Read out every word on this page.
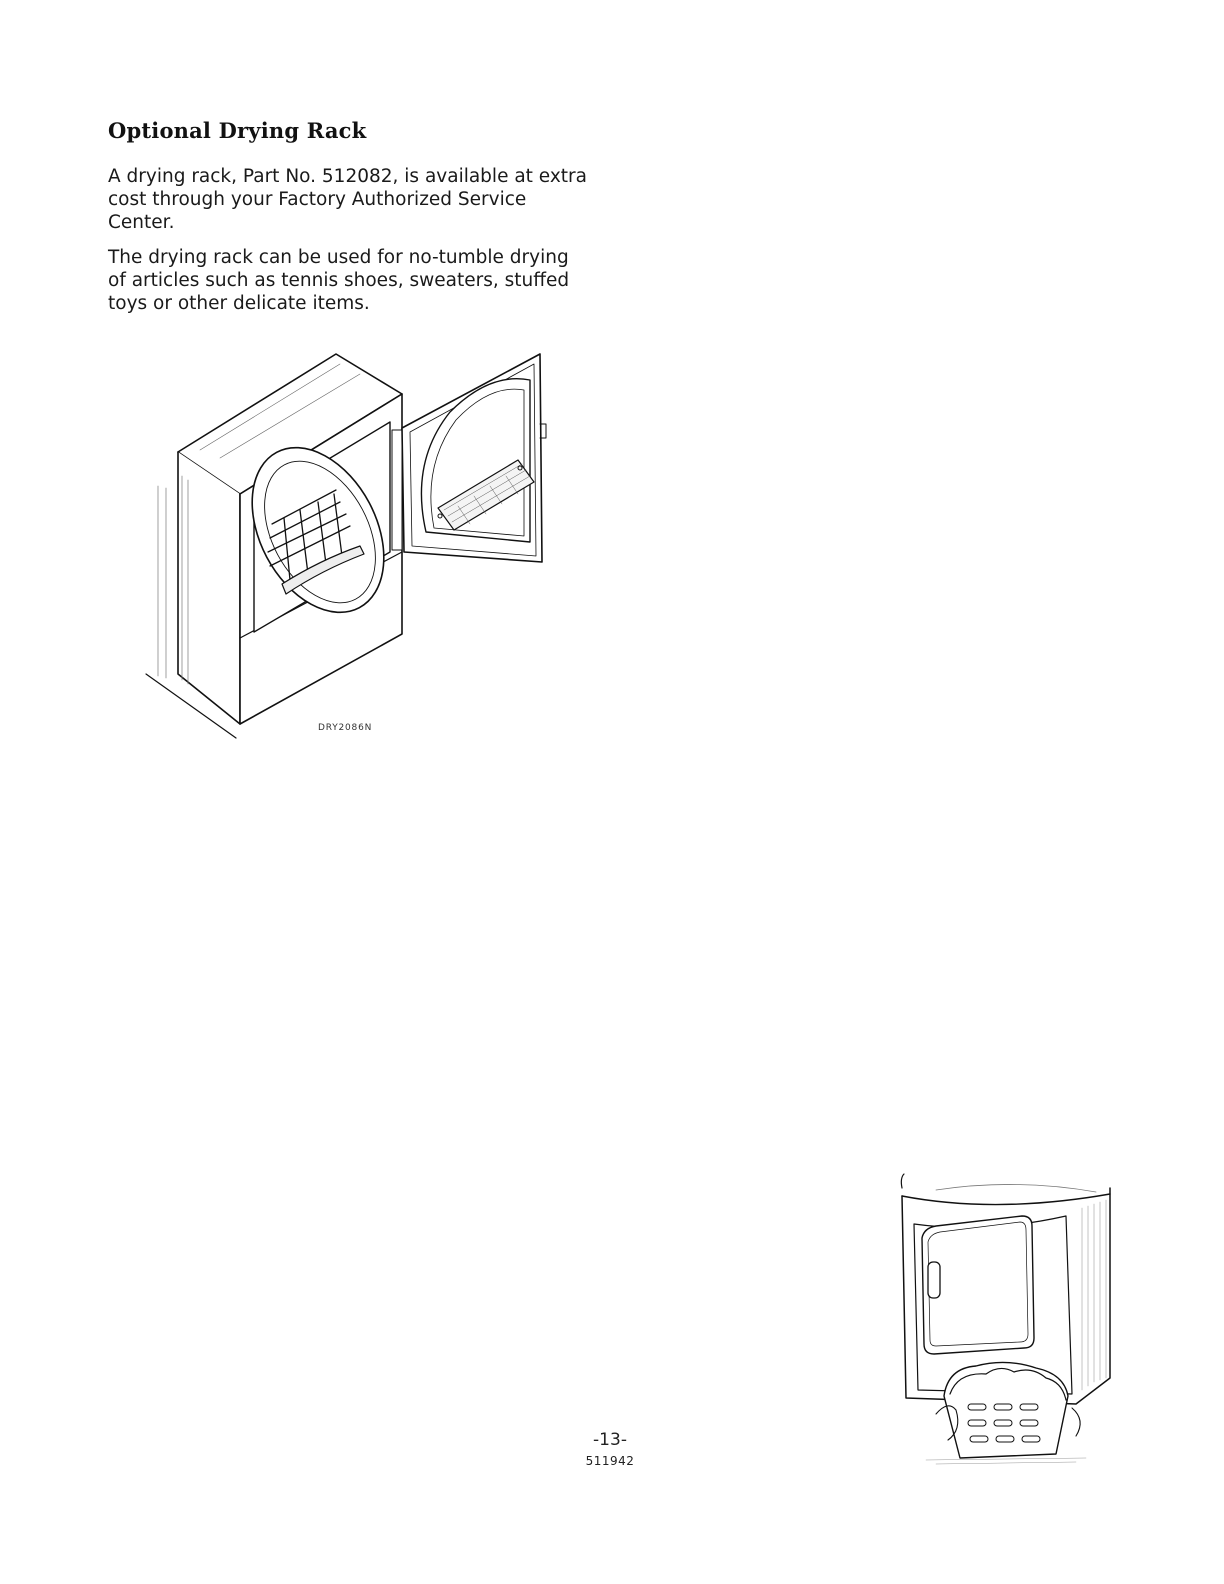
Optional Drying Rack

A drying rack, Part No. 512082, is available at extra cost through your Factory Authorized Service Center.

The drying rack can be used for no-tumble drying of articles such as tennis shoes, sweaters, stuffed toys or other delicate items.

DRY2086N
-13-
511942
